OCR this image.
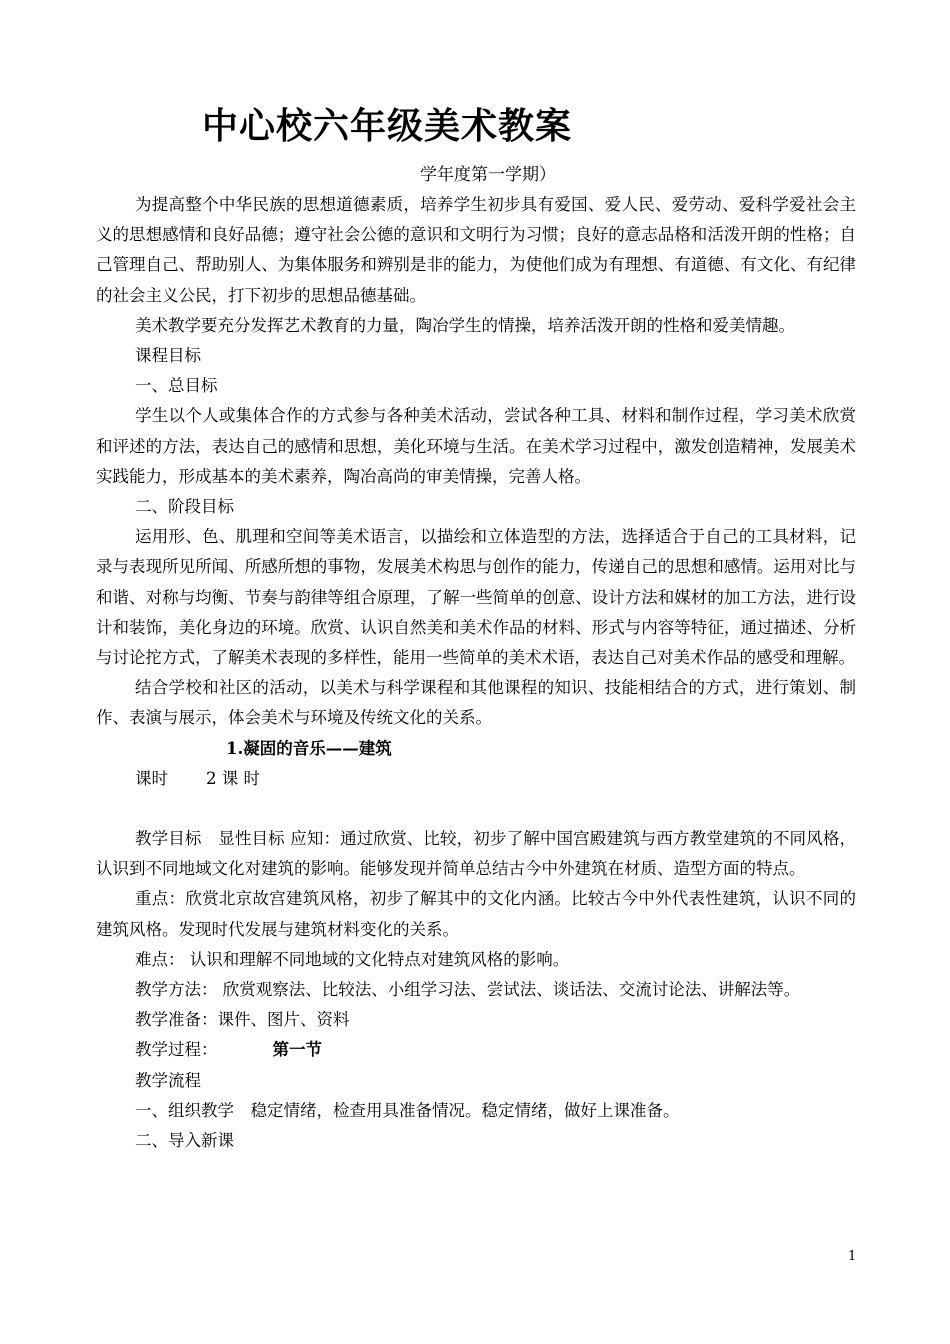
中心校六年级美术教案
学年度第一学期）

为提高整个中华民族的思想道德素质，培养学生初步具有爱国、爱人民、爱劳动、爱科学爱社会主义的思想感情和良好品德；遵守社会公德的意识和文明行为习惯；良好的意志品格和活泼开朗的性格；自己管理自己、帮助别人、为集体服务和辨别是非的能力，为使他们成为有理想、有道德、有文化、有纪律的社会主义公民，打下初步的思想品德基础。

美术教学要充分发挥艺术教育的力量，陶冶学生的情操，培养活泼开朗的性格和爱美情趣。

课程目标

一、总目标

学生以个人或集体合作的方式参与各种美术活动，尝试各种工具、材料和制作过程，学习美术欣赏和评述的方法，表达自己的感情和思想，美化环境与生活。在美术学习过程中，激发创造精神，发展美术实践能力，形成基本的美术素养，陶冶高尚的审美情操，完善人格。

二、阶段目标

运用形、色、肌理和空间等美术语言，以描绘和立体造型的方法，选择适合于自己的工具材料，记录与表现所见所闻、所感所想的事物，发展美术构思与创作的能力，传递自己的思想和感情。运用对比与和谐、对称与均衡、节奏与韵律等组合原理，了解一些简单的创意、设计方法和媒材的加工方法，进行设计和装饰，美化身边的环境。欣赏、认识自然美和美术作品的材料、形式与内容等特征，通过描述、分析与讨论拕方式，了解美术表现的多样性，能用一些简单的美术术语，表达自己对美术作品的感受和理解。

结合学校和社区的活动，以美术与科学课程和其他课程的知识、技能相结合的方式，进行策划、制作、表演与展示，体会美术与环境及传统文化的关系。

1.凝固的音乐——建筑

课时 2 课 时

教学目标　显性目标 应知：通过欣赏、比较，初步了解中国宫殿建筑与西方教堂建筑的不同风格，认识到不同地域文化对建筑的影响。能够发现并简单总结古今中外建筑在材质、造型方面的特点。

重点：欣赏北京故宫建筑风格，初步了解其中的文化内涵。比较古今中外代表性建筑，认识不同的建筑风格。发现时代发展与建筑材料变化的关系。

难点： 认识和理解不同地域的文化特点对建筑风格的影响。

教学方法： 欣赏观察法、比较法、小组学习法、尝试法、谈话法、交流讨论法、讲解法等。

教学准备：课件、图片、资料

教学过程：	第一节

教学流程

一、组织教学　稳定情绪，检查用具准备情况。稳定情绪，做好上课准备。

二、导入新课

1
